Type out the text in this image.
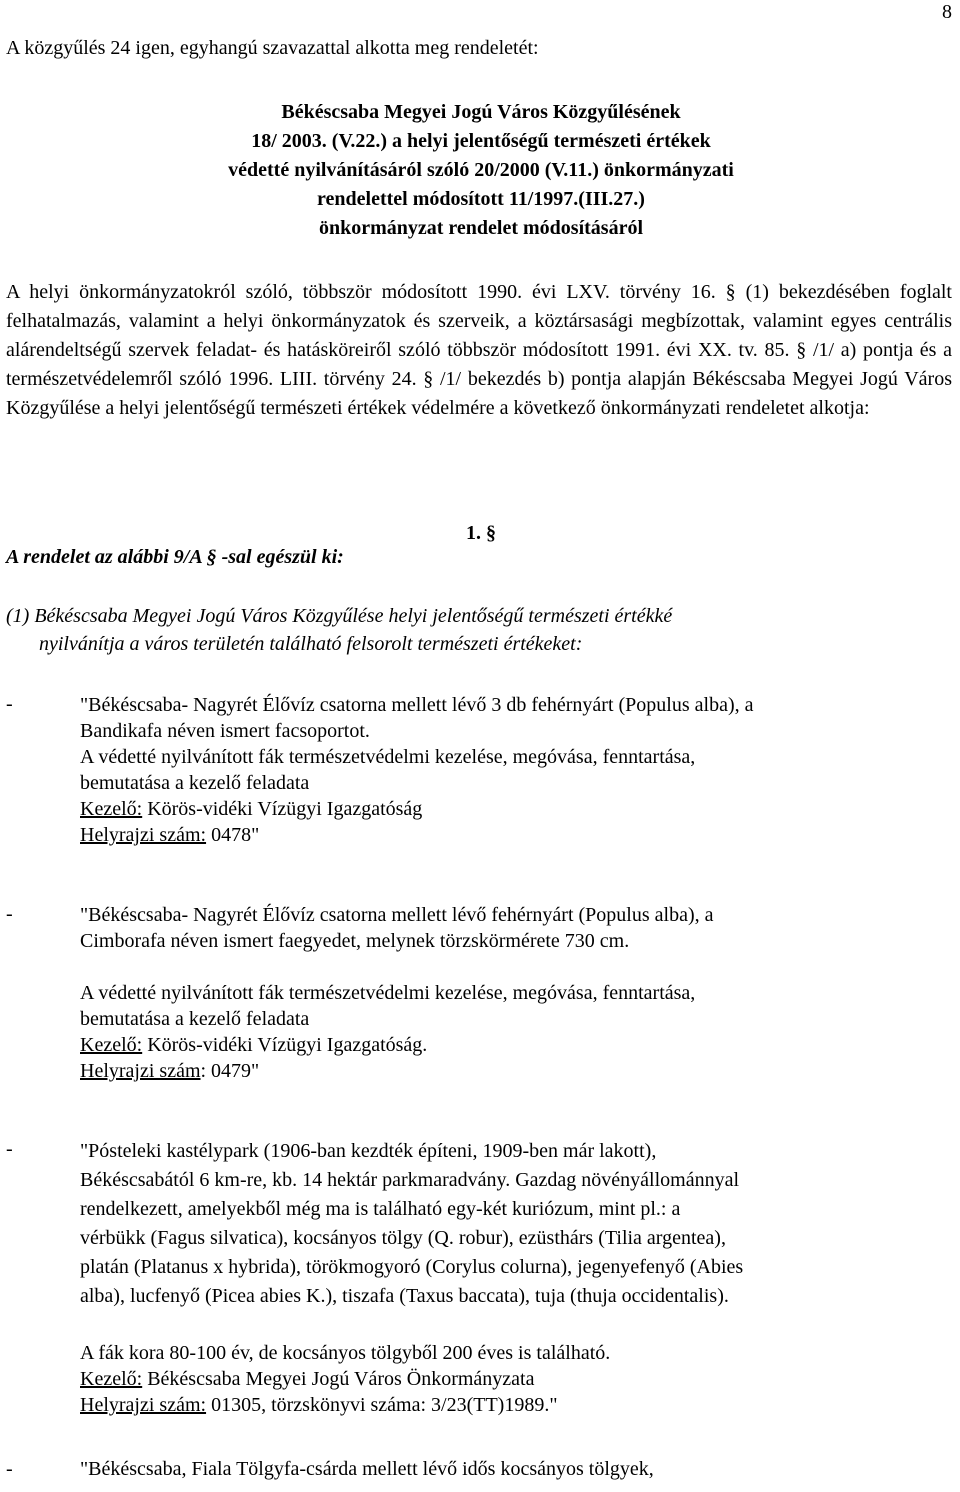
8
A közgyűlés 24 igen, egyhangú szavazattal alkotta meg rendeletét:
Békéscsaba Megyei Jogú Város Közgyűlésének
18/ 2003. (V.22.) a helyi jelentőségű természeti értékek
védetté nyilvánításáról szóló 20/2000 (V.11.) önkormányzati
rendelettel módosított 11/1997.(III.27.)
önkormányzat rendelet módosításáról
A helyi önkormányzatokról szóló, többször módosított 1990. évi LXV. törvény 16. § (1) bekezdésében foglalt felhatalmazás, valamint a helyi önkormányzatok és szerveik, a köztársasági megbízottak, valamint egyes centrális alárendeltségű szervek feladat- és hatásköreiről szóló többször módosított 1991. évi XX. tv. 85. § /1/ a) pontja és a természetvédelemről szóló 1996. LIII. törvény 24. § /1/ bekezdés b) pontja alapján Békéscsaba Megyei Jogú Város Közgyűlése a helyi jelentőségű természeti értékek védelmére a következő önkormányzati rendeletet alkotja:
1. §
A rendelet az alábbi 9/A § -sal egészül ki:
(1) Békéscsaba Megyei Jogú Város Közgyűlése helyi jelentőségű természeti értékké
nyilvánítja a város területén található felsorolt természeti értékeket:
-	"Békéscsaba- Nagyrét Élővíz csatorna mellett lévő 3 db fehérnyárt (Populus alba), a
Bandikafa néven ismert facsoportot.
A védetté nyilvánított fák természetvédelmi kezelése, megóvása, fenntartása,
bemutatása a kezelő feladata
Kezelő: Körös-vidéki Vízügyi Igazgatóság
Helyrajzi szám: 0478"
-	"Békéscsaba- Nagyrét Élővíz csatorna mellett lévő fehérnyárt (Populus alba), a
Cimborafa néven ismert faegyedet, melynek törzskörmérete 730 cm.
A védetté nyilvánított fák természetvédelmi kezelése, megóvása, fenntartása,
bemutatása a kezelő feladata
Kezelő: Körös-vidéki Vízügyi Igazgatóság.
Helyrajzi szám: 0479"
-	"Pósteleki kastélypark (1906-ban kezdték építeni, 1909-ben már lakott),
Békéscsabától 6 km-re, kb. 14 hektár parkmaradvány. Gazdag növényállománnyal
rendelkezett, amelyekből még ma is található egy-két kuriózum, mint pl.: a
vérbükk (Fagus silvatica), kocsányos tölgy (Q. robur), ezüsthárs (Tilia argentea),
platán (Platanus x hybrida), törökmogyoró (Corylus colurna), jegenyefenyő (Abies
alba), lucfenyő (Picea abies K.), tiszafa (Taxus baccata), tuja (thuja occidentalis).
A fák kora 80-100 év, de kocsányos tölgyből 200 éves is található.
Kezelő: Békéscsaba Megyei Jogú Város Önkormányzata
Helyrajzi szám: 01305, törzskönyvi száma: 3/23(TT)1989."
-	"Békéscsaba, Fiala Tölgyfa-csárda mellett lévő idős kocsányos tölgyek,
